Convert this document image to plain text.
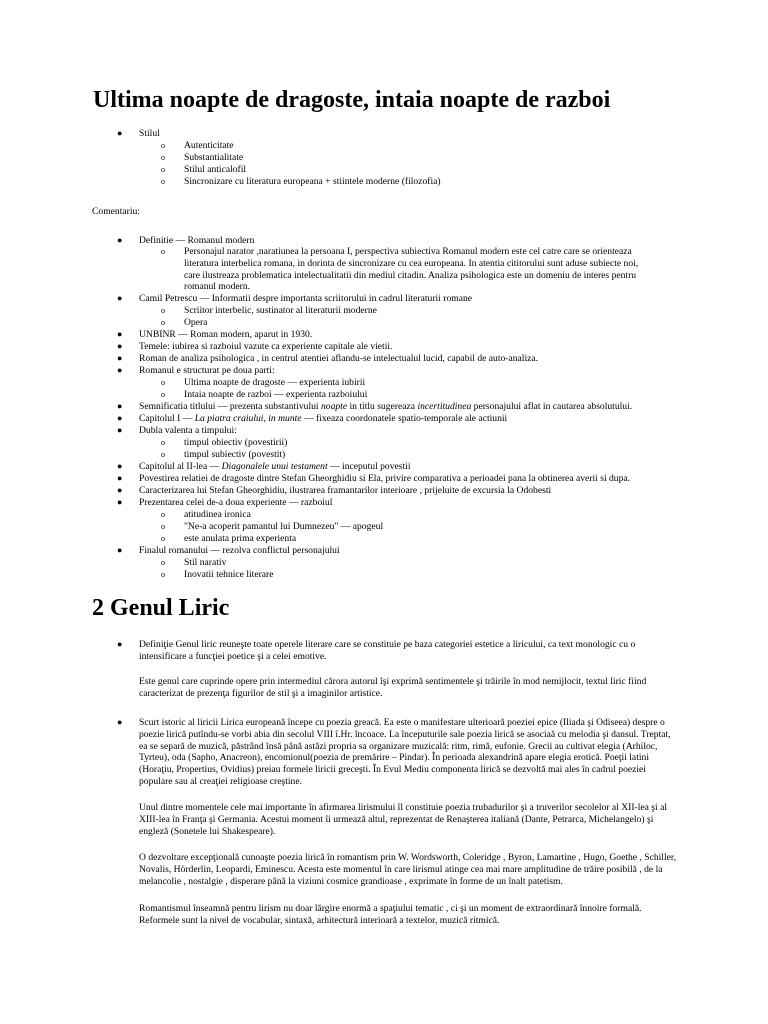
Ultima noapte de dragoste, intaia noapte de razboi
● Stilul
o Autenticitate
o Substantialitate
o Stilul anticalofil
o Sincronizare cu literatura europeana + stiintele moderne (filozofia)
Comentariu:
● Definitie — Romanul modern
o Personajul narator ,naratiunea la persoana I, perspectiva subiectiva Romanul modern este cel catre care se orienteaza
literatura interbelica romana, in dorinta de sincronizare cu cea europeana. In atentia cititorului sunt aduse subiecte noi,
care ilustreaza problematica intelectualitatii din mediul citadin. Analiza psihologica este un domeniu de interes pentru
romanul modern.
● Camil Petrescu — Informatii despre importanta scriitorului in cadrul literaturii romane
o Scriitor interbelic, sustinator al literaturii moderne
o Opera
● UNBINR — Roman modern, aparut in 1930.
● Temele: iubirea si razboiul vazute ca experiente capitale ale vietii.
● Roman de analiza psihologica , in centrul atentiei aflandu-se intelectualul lucid, capabil de auto-analiza.
● Romanul e structurat pe doua parti:
o Ultima noapte de dragoste — experienta iubirii
o Intaia noapte de razboi — experienta razboiului
● Semnificatia titlului — prezenta substantivului noapte in titlu sugereaza incertitudinea personajului aflat in cautarea absolutului.
● Capitolul I — La piatra craiului, in munte — fixeaza coordonatele spatio-temporale ale actiunii
● Dubla valenta a timpului:
o timpul obiectiv (povestirii)
o timpul subiectiv (povestit)
● Capitolul al II-lea — Diagonalele unui testament — inceputul povestii
● Povestirea relatiei de dragoste dintre Stefan Gheorghidiu si Ela, privire comparativa a perioadei pana la obtinerea averii si dupa.
● Caracterizarea lui Stefan Gheorghidiu, ilustrarea framantarilor interioare , prijeluite de excursia la Odobesti
● Prezentarea celei de-a doua experiente — razboiul
o atitudinea ironica
o "Ne-a acoperit pamantul lui Dumnezeu" — apogeul
o este anulata prima experienta
● Finalul romanului — rezolva conflictul personajului
o Stil narativ
o Inovatii tehnice literare
2 Genul Liric
● Definiţie Genul liric reuneşte toate operele literare care se constituie pe baza categoriei estetice a liricului, ca text monologic cu o intensificare a funcţiei poetice şi a celei emotive.
Este genul care cuprinde opere prin intermediul cărora autorul îşi exprimă sentimentele şi trăirile în mod nemijlocit, textul liric fiind caracterizat de prezenţa figurilor de stil şi a imaginilor artistice.
● Scurt istoric al liricii Lirica europeană începe cu poezia greacă. Ea este o manifestare ulterioară poeziei epice (Iliada şi Odiseea) despre o poezie lirică putîndu-se vorbi abia din secolul VIII î.Hr. încoace. La începuturile sale poezia lirică se asociaă cu melodia şi dansul. Treptat, ea se separă de muzică, păstrând însă până astăzi propria sa organizare muzicală: ritm, rimă, eufonie. Grecii au cultivat elegia (Arhiloc, Tyrteu), oda (Sapho, Anacreon), encomionul(poezia de premărire – Pindar). În perioada alexandrină apare elegia erotică. Poeţii latini (Horaţiu, Propertius, Ovidius) preiau formele liricii greceşti. În Evul Mediu componenta lirică se dezvoltă mai ales în cadrul poeziei populare sau al creaţiei religioase creştine.
Unul dintre momentele cele mai importante în afirmarea lirismului îl constituie poezia trubadurilor şi a truverilor secolelor al XII-lea şi al XIII-lea în Franţa şi Germania. Acestui moment îi urmează altul, reprezentat de Renaşterea italiană (Dante, Petrarca, Michelangelo) şi engleză (Sonetele lui Shakespeare).
O dezvoltare excepţională cunoaşte poezia lirică în romantism prin W. Wordsworth, Coleridge , Byron, Lamartine , Hugo, Goethe , Schiller, Novalis, Hörderlin, Leopardi, Eminescu. Acesta este momentul în care lirismul atinge cea mai mare amplitudine de trăire posibilă , de la melancolie , nostalgie , disperare până la viziuni cosmice grandioase , exprimate în forme de un înalt patetism.
Romantismul înseamnă pentru lirism nu doar lărgire enormă a spaţiului tematic , ci şi un moment de extraordinară înnoire formală. Reformele sunt la nivel de vocabular, sintaxă, arhitectură interioară a textelor, muzică ritmică.
